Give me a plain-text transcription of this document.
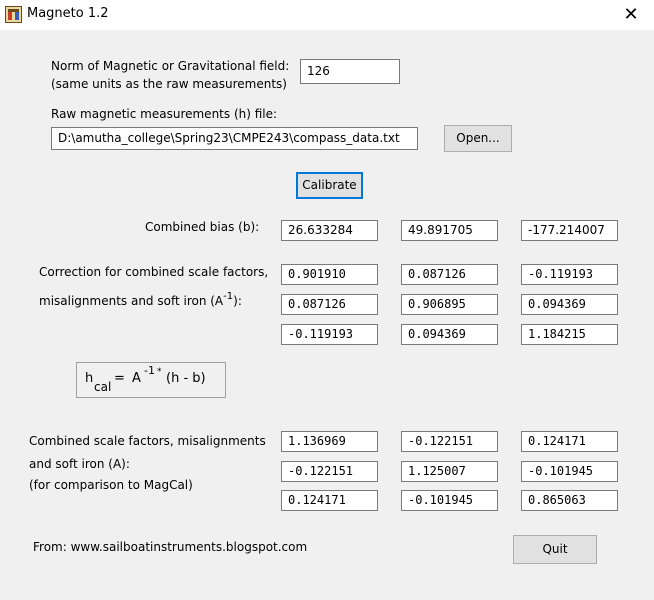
Magneto 1.2	✕
Norm of Magnetic or Gravitational field:
(same units as the raw measurements)
126
Raw magnetic measurements (h) file:
D:\amutha_college\Spring23\CMPE243\compass_data.txt	Open...
Calibrate
Combined bias (b):	26.633284	49.891705	-177.214007
Correction for combined scale factors,
misalignments and soft iron $(A^{-1})$:
0.901910	0.087126	-0.119193
0.087126	0.906895	0.094369
-0.119193	0.094369	1.184215
h
cal
= A
-1 * (h - b)
Combined scale factors, misalignments
and soft iron (A):
(for comparison to MagCal)
1.136969	-0.122151	0.124171
-0.122151	1.125007	-0.101945
0.124171	-0.101945	0.865063
From: www.sailboatinstruments.blogspot.com	Quit
